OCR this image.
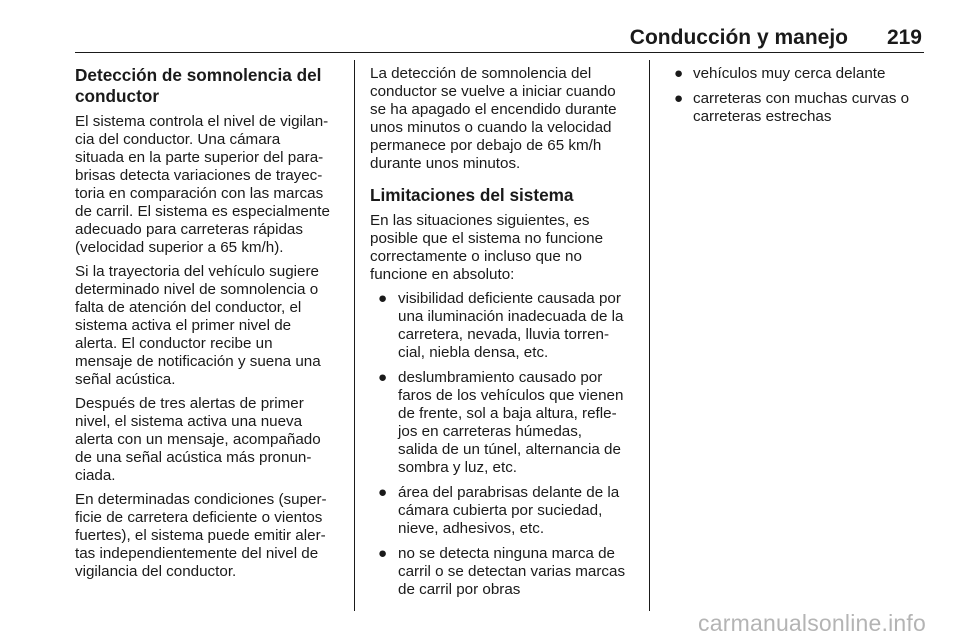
Conducción y manejo 219
Detección de somnolencia del
conductor

El sistema controla el nivel de vigilan-
cia del conductor. Una cámara
situada en la parte superior del para-
brisas detecta variaciones de trayec-
toria en comparación con las marcas
de carril. El sistema es especialmente
adecuado para carreteras rápidas
(velocidad superior a 65 km/h).

Si la trayectoria del vehículo sugiere
determinado nivel de somnolencia o
falta de atención del conductor, el
sistema activa el primer nivel de
alerta. El conductor recibe un
mensaje de notificación y suena una
señal acústica.

Después de tres alertas de primer
nivel, el sistema activa una nueva
alerta con un mensaje, acompañado
de una señal acústica más pronun-
ciada.

En determinadas condiciones (super-
ficie de carretera deficiente o vientos
fuertes), el sistema puede emitir aler-
tas independientemente del nivel de
vigilancia del conductor.

La detección de somnolencia del
conductor se vuelve a iniciar cuando
se ha apagado el encendido durante
unos minutos o cuando la velocidad
permanece por debajo de 65 km/h
durante unos minutos.

Limitaciones del sistema

En las situaciones siguientes, es
posible que el sistema no funcione
correctamente o incluso que no
funcione en absoluto:

● visibilidad deficiente causada por
una iluminación inadecuada de la
carretera, nevada, lluvia torren-
cial, niebla densa, etc.
● deslumbramiento causado por
faros de los vehículos que vienen
de frente, sol a baja altura, refle-
jos en carreteras húmedas,
salida de un túnel, alternancia de
sombra y luz, etc.
● área del parabrisas delante de la
cámara cubierta por suciedad,
nieve, adhesivos, etc.
● no se detecta ninguna marca de
carril o se detectan varias marcas
de carril por obras
● vehículos muy cerca delante
● carreteras con muchas curvas o
carreteras estrechas
carmanualsonline.info
